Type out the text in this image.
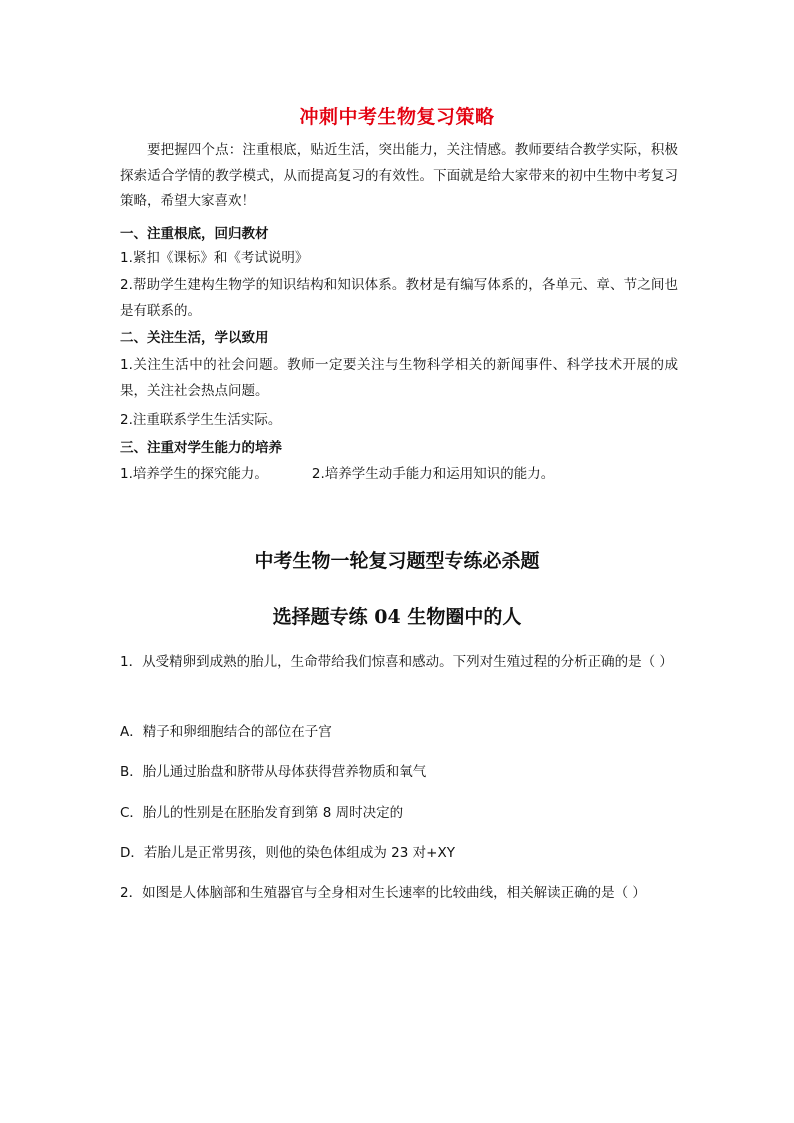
冲刺中考生物复习策略
要把握四个点：注重根底，贴近生活，突出能力，关注情感。教师要结合教学实际，积极探索适合学情的教学模式，从而提高复习的有效性。下面就是给大家带来的初中生物中考复习策略，希望大家喜欢！
一、注重根底，回归教材
1.紧扣《课标》和《考试说明》
2.帮助学生建构生物学的知识结构和知识体系。教材是有编写体系的，各单元、章、节之间也是有联系的。
二、关注生活，学以致用
1.关注生活中的社会问题。教师一定要关注与生物科学相关的新闻事件、科学技术开展的成果，关注社会热点问题。
2.注重联系学生生活实际。
三、注重对学生能力的培养
1.培养学生的探究能力。	2.培养学生动手能力和运用知识的能力。
中考生物一轮复习题型专练必杀题
选择题专练 04 生物圈中的人
1．从受精卵到成熟的胎儿，生命带给我们惊喜和感动。下列对生殖过程的分析正确的是（ ）
A．精子和卵细胞结合的部位在子宫
B．胎儿通过胎盘和脐带从母体获得营养物质和氧气
C．胎儿的性别是在胚胎发育到第 8 周时决定的
D．若胎儿是正常男孩，则他的染色体组成为 23 对+XY
2．如图是人体脑部和生殖器官与全身相对生长速率的比较曲线，相关解读正确的是（ ）
